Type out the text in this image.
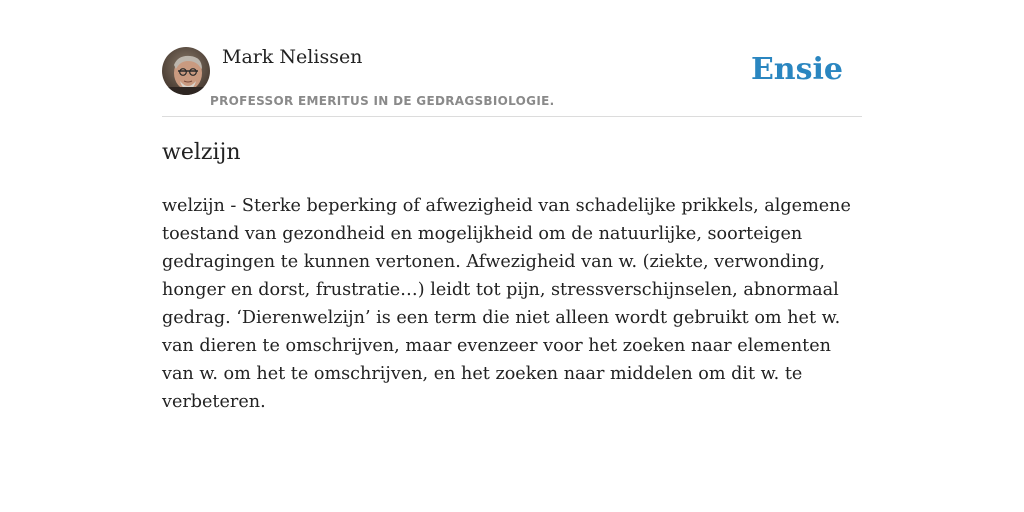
Mark Nelissen
PROFESSOR EMERITUS IN DE GEDRAGSBIOLOGIE.
Ensie
welzijn

welzijn - Sterke beperking of afwezigheid van schadelijke prikkels, algemene toestand van gezondheid en mogelijkheid om de natuurlijke, soorteigen gedragingen te kunnen vertonen. Afwezigheid van w. (ziekte, verwonding, honger en dorst, frustratie…) leidt tot pijn, stressverschijnselen, abnormaal gedrag. ‘Dierenwelzijn’ is een term die niet alleen wordt gebruikt om het w. van dieren te omschrijven, maar evenzeer voor het zoeken naar elementen van w. om het te omschrijven, en het zoeken naar middelen om dit w. te verbeteren.
